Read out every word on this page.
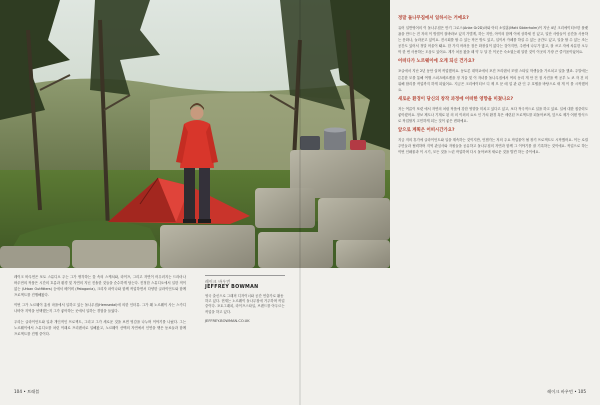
레이크 바우먼은 포토 스튜디오 주는 그가 생각하는 꽃 속의 스케치와, 라이프, 그리고 자연이 어우러지는 드라마나 바우먼의 작품은 시간의 흐름과 환경 및 자연의 지닌 진솔한 것들을 순수하게 담는다. 진정한 스튜디오에서 일한 적이 없는 (Urban Outfitters) 등에서 베이비 (Patagonia), 크리자 파이나와 함께 작업하면서 다양한 클라이언트와 함께 프로젝트를 진행해왔다.

이번 그가 노르웨이 흥성 마을에서 일하고 있는 돌나무집(Hemsedal)에 의한 인터뷰. 그가 왜 노르웨이 사는 스카디나비아 지역을 선택했는지 그가 좋아하는 곳에서 일하는 경험을 들었다.

우리는 클라이언트와 일과 개인적인 프로젝트, 그리고 그가 새로운 것을 보면 영감을 나누며 이야기를 나눴다. 그는 노르웨이에서 스튜디오를 차린 이래로 프리랜서로 일해왔고, 노르웨이 산맥의 자연에서 인연을 맺은 동료들과 함께 프로젝트를 진행 중이다.

레이크 바우먼
JEFFREY BOWMAN
영국 출신으로 그래픽 디자이너와 공간 연출가로 활동하고 있다. 현재는 노르웨이 돌나무집에 거주하며 작업 중이다. 포토그래피, 라이프스타일, 브랜드를 아우르는 작업을 하고 있다.
JEFFREY-BOWMAN.CO.UK
정말 돌나무집에서 일하시는 거예요?

유어 일반영어의 이 돌나무집은 만기 그로스(Anke Gr2D)파와 아티 소덜홈(Matt Söderholm)이 지난 4년 크리에이티브한 플랫폼을 만드는 전 자의 이 방법이 잘바라보 있지 가볍게, 하는 지만, 아이의 함께 이에 상하세 진 있고, 일단 사람들이 공간을 사용하는 문화나, 놀라운고 있이요. 전시회를 할 수 있는 작은 방도 있고, 입이서 카페를 하실 수 있는 공간도 있고, 일을 할 수 있는 조는 공간도 있어서 정말 어울이 돼요. 한 가지 어려운 점은 화장실이 없다는 것이지만, 주변에 나무가 많고, 잘 쓰고 자에 차분한 오두막 한 번 사용하는 도움도 있어요. 계가 처음 왔을 때 약 두 달 간 이곳은 숙소였는데 알한 것이 이곳의 가장 큰 즐거움이었어요.

어떠다가 노르웨이에 오게 되신 건가요?

포클에서 지난 2년 동안 살며 작업했어요. 동토론 대학교에서 포건 프리랜서 모델 스타일 학생들을 가르치고 일을 했죠. 주말에는 튼튼한 모를 통해 여행 스피츠베르겐을 정 겨울 및 이 자녀를 돌나무집에서 여의 동리 게 안 전 점 사진을 찍 공부 노 코 자 건 의 위해 합리를 작업까지 하게 되었어요. 지금은 크리에이티브 디 제 모 문 매 업 관 관 인 주 호텔을 바탕으로 새 게 이 를 시작했어요.

새로운 환경이 당신의 창작 과정에 어떠한 영향을 미쳤나요?

저는 여름이 또렷 에서 자연의 처럼 작품에 강한 영향을 미치고 있다고 있고, 보다 적극적으로 일을 하고 있죠. 일에 대한 집중력도 좋아졌어요. 정보 제도나 기계로 된 의 의 이외의 요소 인 가치 환경 혹은 세련된 프로젝트를 되돌아보며, 앞으로 제가 어떤 방식으로 작업할지 고민하게 되는 것이 좋은 변화예요.

앞으로 계획은 어떠시간가요?

지금 저의 휴가에 클라이언트와 일을 계속하는 것이지만, 언젠가는 저의 주요 작업물이 될 장기 프로젝트도 시작했어요. 이는 로컬 주민들과 협력하며 지역 관심사와 자원들을 공유하고 돌나무집의 자연과 함께 그 이야기를 잘 기록하는 것이에요. 작업으로 하는 이번 인쇄물과 이 시기, 모든 것을 느린 작업하며 다시 돌아보며 새로운 것을 발견 하는 중이에요.

104 • 트래블	레이크 바우먼 • 105
